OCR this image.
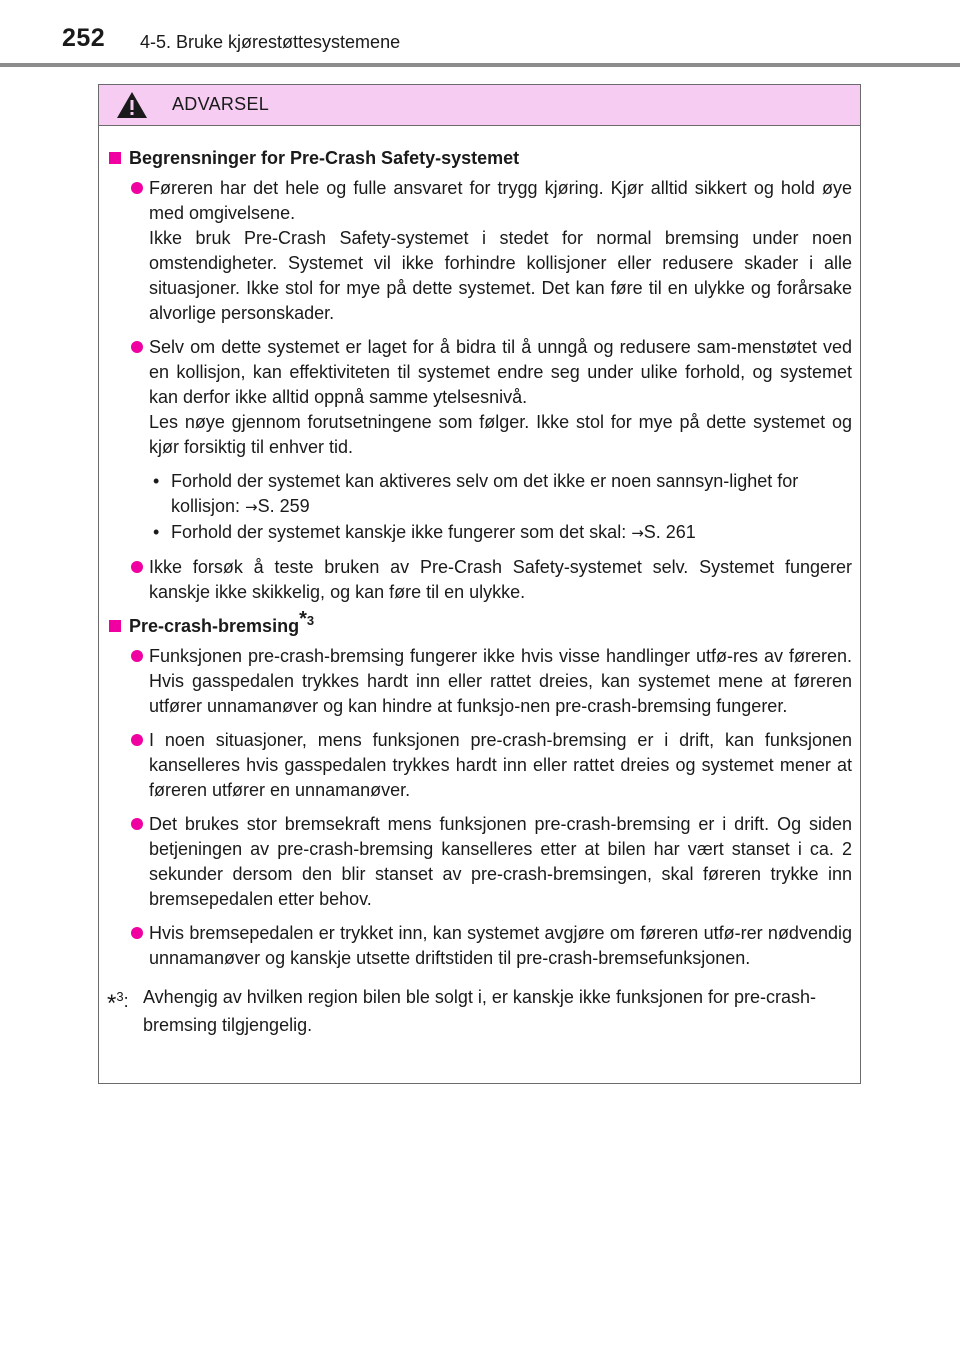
252 4-5. Bruke kjørestøttesystemene
ADVARSEL
Begrensninger for Pre-Crash Safety-systemet
Føreren har det hele og fulle ansvaret for trygg kjøring. Kjør alltid sikkert og hold øye med omgivelsene.
Ikke bruk Pre-Crash Safety-systemet i stedet for normal bremsing under noen omstendigheter. Systemet vil ikke forhindre kollisjoner eller redusere skader i alle situasjoner. Ikke stol for mye på dette systemet. Det kan føre til en ulykke og forårsake alvorlige personskader.
Selv om dette systemet er laget for å bidra til å unngå og redusere sam-menstøtet ved en kollisjon, kan effektiviteten til systemet endre seg under ulike forhold, og systemet kan derfor ikke alltid oppnå samme ytelsesnivå.
Les nøye gjennom forutsetningene som følger. Ikke stol for mye på dette systemet og kjør forsiktig til enhver tid.
• Forhold der systemet kan aktiveres selv om det ikke er noen sannsyn-lighet for kollisjon: →S. 259
• Forhold der systemet kanskje ikke fungerer som det skal: →S. 261
Ikke forsøk å teste bruken av Pre-Crash Safety-systemet selv. Systemet fungerer kanskje ikke skikkelig, og kan føre til en ulykke.
Pre-crash-bremsing$^{*3}$
Funksjonen pre-crash-bremsing fungerer ikke hvis visse handlinger utfø-res av føreren. Hvis gasspedalen trykkes hardt inn eller rattet dreies, kan systemet mene at føreren utfører unnamanøver og kan hindre at funksjo-nen pre-crash-bremsing fungerer.
I noen situasjoner, mens funksjonen pre-crash-bremsing er i drift, kan funksjonen kanselleres hvis gasspedalen trykkes hardt inn eller rattet dreies og systemet mener at føreren utfører en unnamanøver.
Det brukes stor bremsekraft mens funksjonen pre-crash-bremsing er i drift. Og siden betjeningen av pre-crash-bremsing kanselleres etter at bilen har vært stanset i ca. 2 sekunder dersom den blir stanset av pre-crash-bremsingen, skal føreren trykke inn bremsepedalen etter behov.
Hvis bremsepedalen er trykket inn, kan systemet avgjøre om føreren utfø-rer nødvendig unnamanøver og kanskje utsette driftstiden til pre-crash-bremsefunksjonen.
*$^3$: Avhengig av hvilken region bilen ble solgt i, er kanskje ikke funksjonen for pre-crash-bremsing tilgjengelig.
